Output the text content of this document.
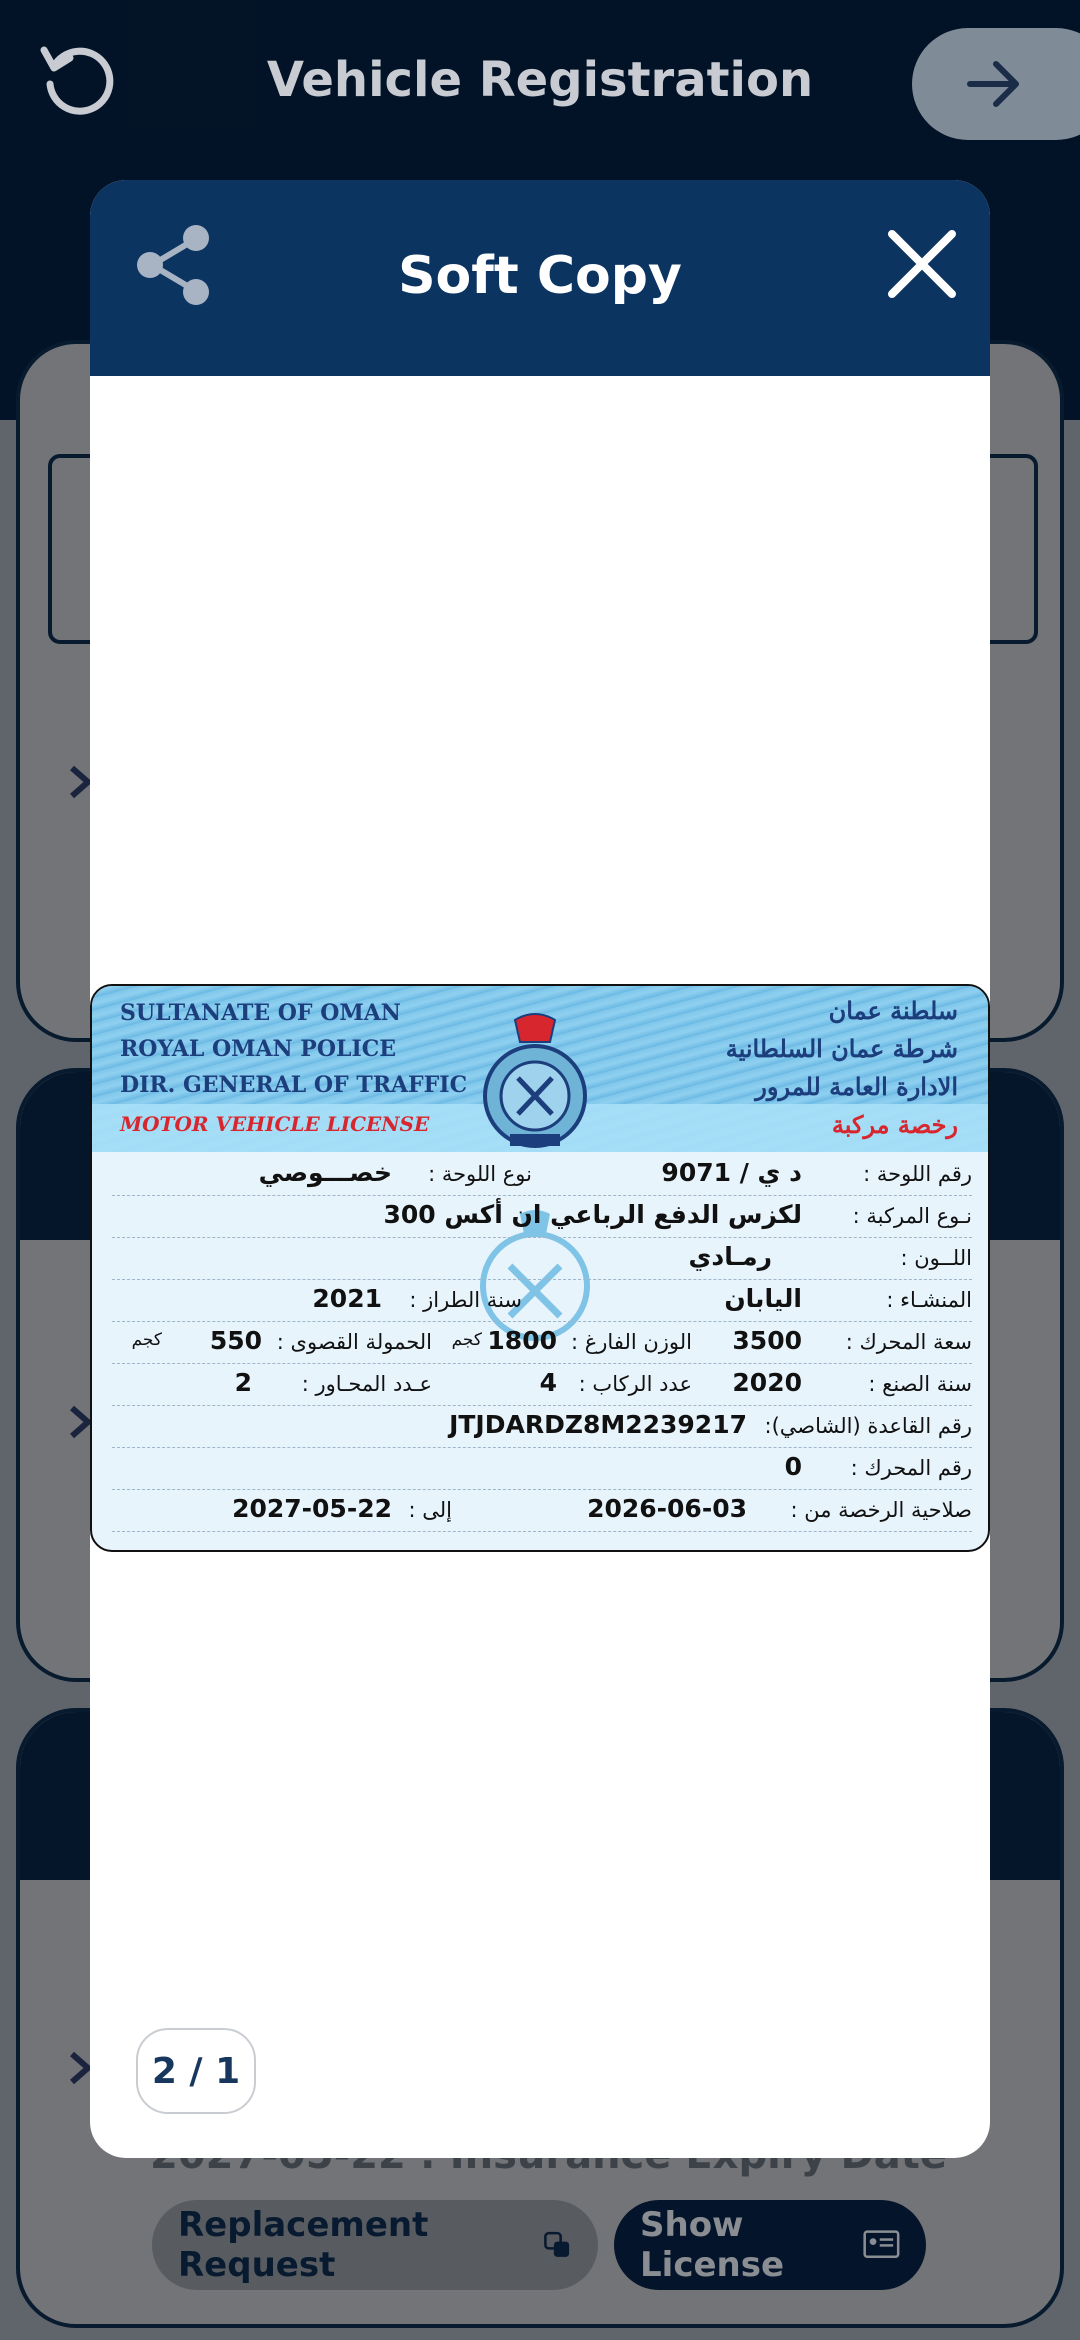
Replacement Request
Show License
Vehicle Registration
Soft Copy
SULTANATE OF OMAN
ROYAL OMAN POLICE
DIR. GENERAL OF TRAFFIC
MOTOR VEHICLE LICENSE
سلطنة عمان
شرطة عمان السلطانية
الادارة العامة للمرور
رخصة مركبة
رقم اللوحة :
د ي / 9071
نوع اللوحة :
خصـــوصي
نـوع المركبة :
لكزس الدفع الرباعي ان أكس 300
اللــون :
رمـادي
المنشـاء :
اليابان
سنة الطراز :
2021
سعة المحرك :
3500
الوزن الفارغ :
1800
كجم
الحمولة القصوى :
550
كجم
سنة الصنع :
2020
عدد الركاب :
4
عـدد المحـاور :
2
رقم القاعدة (الشاصي):
JTJDARDZ8M2239217
رقم المحرك :
0
صلاحية الرخصة من :
2026-06-03
إلى :
2027-05-22
2 / 1
